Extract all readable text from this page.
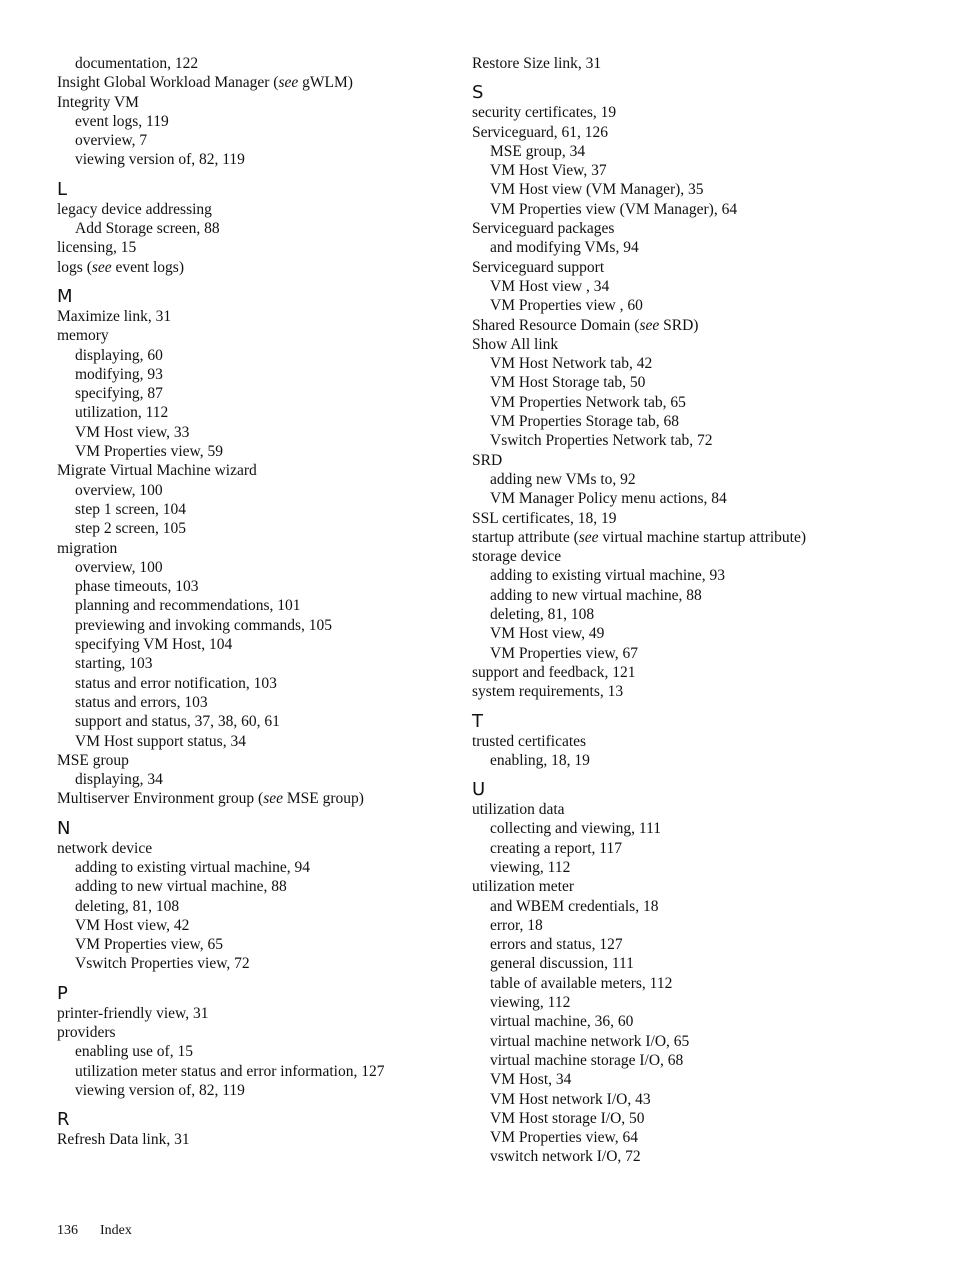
documentation, 122
Insight Global Workload Manager (see gWLM)
Integrity VM
event logs, 119
overview, 7
viewing version of, 82, 119
L
legacy device addressing
Add Storage screen, 88
licensing, 15
logs (see event logs)
M
Maximize link, 31
memory
displaying, 60
modifying, 93
specifying, 87
utilization, 112
VM Host view, 33
VM Properties view, 59
Migrate Virtual Machine wizard
overview, 100
step 1 screen, 104
step 2 screen, 105
migration
overview, 100
phase timeouts, 103
planning and recommendations, 101
previewing and invoking commands, 105
specifying VM Host, 104
starting, 103
status and error notification, 103
status and errors, 103
support and status, 37, 38, 60, 61
VM Host support status, 34
MSE group
displaying, 34
Multiserver Environment group (see MSE group)
N
network device
adding to existing virtual machine, 94
adding to new virtual machine, 88
deleting, 81, 108
VM Host view, 42
VM Properties view, 65
Vswitch Properties view, 72
P
printer-friendly view, 31
providers
enabling use of, 15
utilization meter status and error information, 127
viewing version of, 82, 119
R
Refresh Data link, 31
Restore Size link, 31
S
security certificates, 19
Serviceguard, 61, 126
MSE group, 34
VM Host View, 37
VM Host view (VM Manager), 35
VM Properties view (VM Manager), 64
Serviceguard packages
and modifying VMs, 94
Serviceguard support
VM Host view , 34
VM Properties view , 60
Shared Resource Domain (see SRD)
Show All link
VM Host Network tab, 42
VM Host Storage tab, 50
VM Properties Network tab, 65
VM Properties Storage tab, 68
Vswitch Properties Network tab, 72
SRD
adding new VMs to, 92
VM Manager Policy menu actions, 84
SSL certificates, 18, 19
startup attribute (see virtual machine startup attribute)
storage device
adding to existing virtual machine, 93
adding to new virtual machine, 88
deleting, 81, 108
VM Host view, 49
VM Properties view, 67
support and feedback, 121
system requirements, 13
T
trusted certificates
enabling, 18, 19
U
utilization data
collecting and viewing, 111
creating a report, 117
viewing, 112
utilization meter
and WBEM credentials, 18
error, 18
errors and status, 127
general discussion, 111
table of available meters, 112
viewing, 112
virtual machine, 36, 60
virtual machine network I/O, 65
virtual machine storage I/O, 68
VM Host, 34
VM Host network I/O, 43
VM Host storage I/O, 50
VM Properties view, 64
vswitch network I/O, 72
136 Index
